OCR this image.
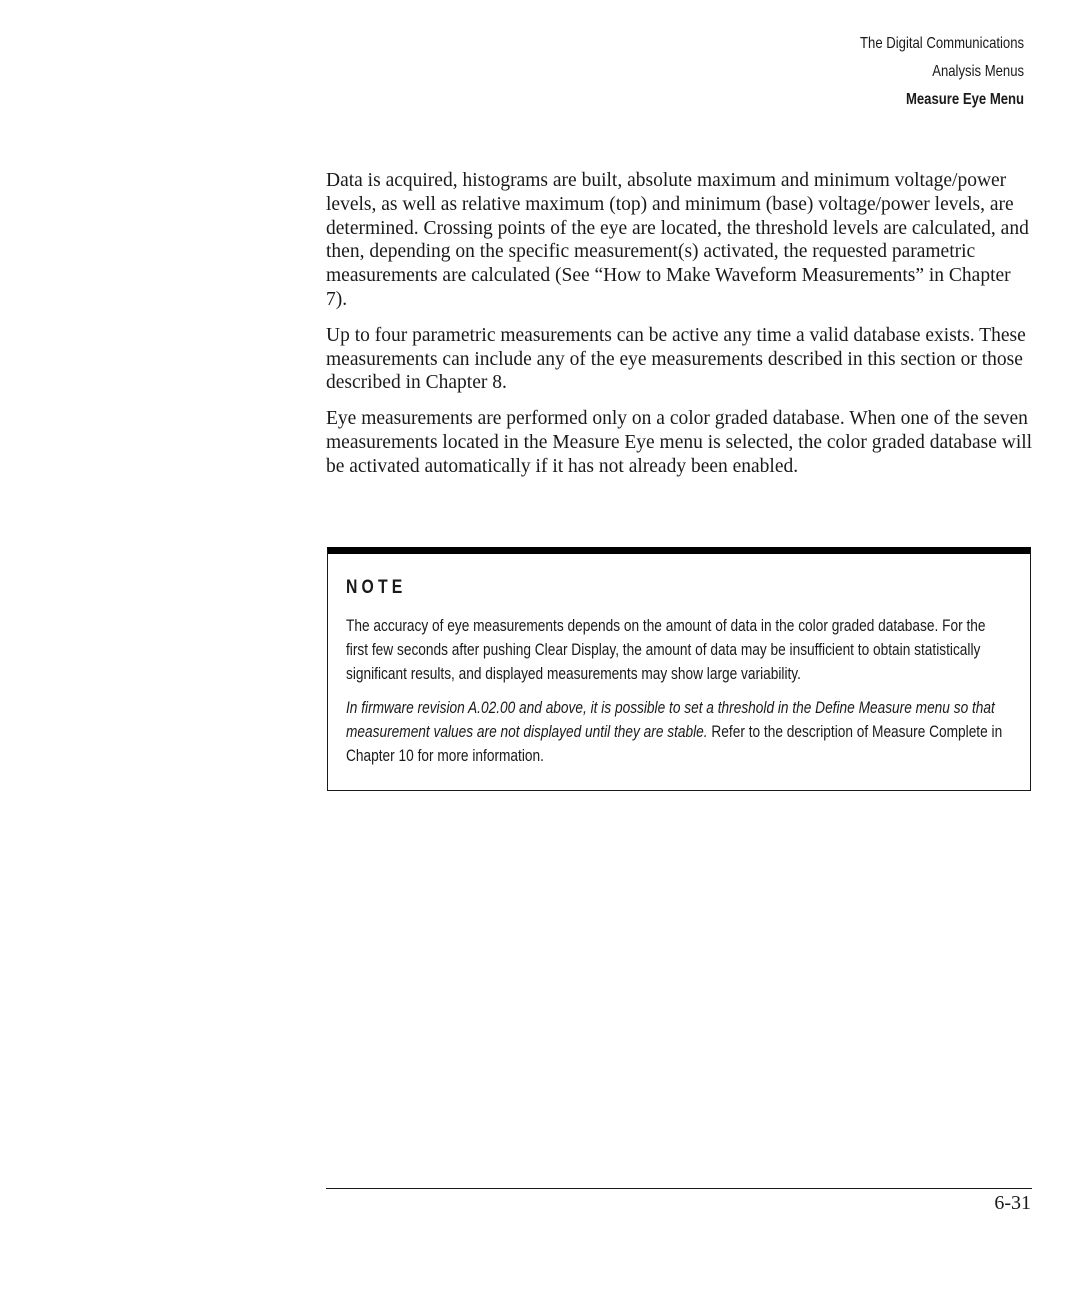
The Digital Communications
Analysis Menus
Measure Eye Menu

Data is acquired, histograms are built, absolute maximum and minimum voltage/power levels, as well as relative maximum (top) and minimum (base) voltage/power levels, are determined. Crossing points of the eye are located, the threshold levels are calculated, and then, depending on the specific measurement(s) activated, the requested parametric measurements are calculated (See “How to Make Waveform Measurements” in Chapter 7).

Up to four parametric measurements can be active any time a valid database exists. These measurements can include any of the eye measurements described in this section or those described in Chapter 8.

Eye measurements are performed only on a color graded database. When one of the seven measurements located in the Measure Eye menu is selected, the color graded database will be activated automatically if it has not already been enabled.

NOTE

The accuracy of eye measurements depends on the amount of data in the color graded database. For the first few seconds after pushing Clear Display, the amount of data may be insufficient to obtain statistically significant results, and displayed measurements may show large variability.

In firmware revision A.02.00 and above, it is possible to set a threshold in the Define Measure menu so that measurement values are not displayed until they are stable. Refer to the description of Measure Complete in Chapter 10 for more information.

6-31
